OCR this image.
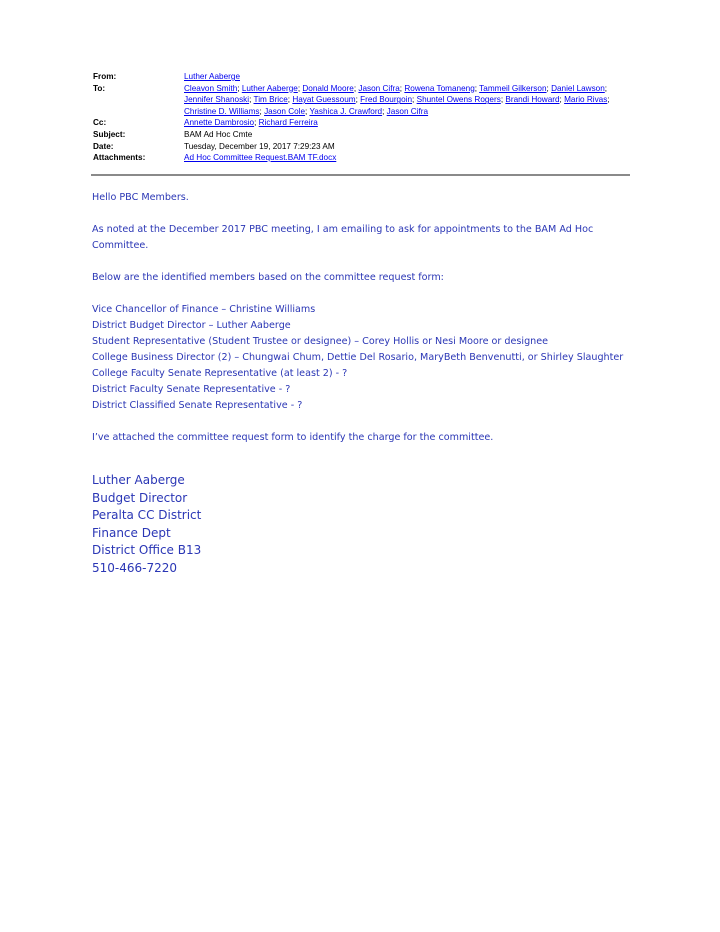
From:	Luther Aaberge
To:	Cleavon Smith; Luther Aaberge; Donald Moore; Jason Cifra; Rowena Tomaneng; Tammeil Gilkerson; Daniel Lawson; Jennifer Shanoski; Tim Brice; Hayat Guessoum; Fred Bourgoin; Shuntel Owens Rogers; Brandi Howard; Mario Rivas; Christine D. Williams; Jason Cole; Yashica J. Crawford; Jason Cifra
Cc:	Annette Dambrosio; Richard Ferreira
Subject:	BAM Ad Hoc Cmte
Date:	Tuesday, December 19, 2017 7:29:23 AM
Attachments:	Ad Hoc Committee Request.BAM TF.docx

Hello PBC Members.

As noted at the December 2017 PBC meeting, I am emailing to ask for appointments to the BAM Ad Hoc Committee.

Below are the identified members based on the committee request form:

Vice Chancellor of Finance – Christine Williams

District Budget Director – Luther Aaberge

Student Representative (Student Trustee or designee) – Corey Hollis or Nesi Moore or designee

College Business Director (2) – Chungwai Chum, Dettie Del Rosario, MaryBeth Benvenutti, or Shirley Slaughter

College Faculty Senate Representative (at least 2) - ?

District Faculty Senate Representative - ?

District Classified Senate Representative - ?

I’ve attached the committee request form to identify the charge for the committee.

Luther Aaberge

Budget Director

Peralta CC District

Finance Dept

District Office B13

510-466-7220
